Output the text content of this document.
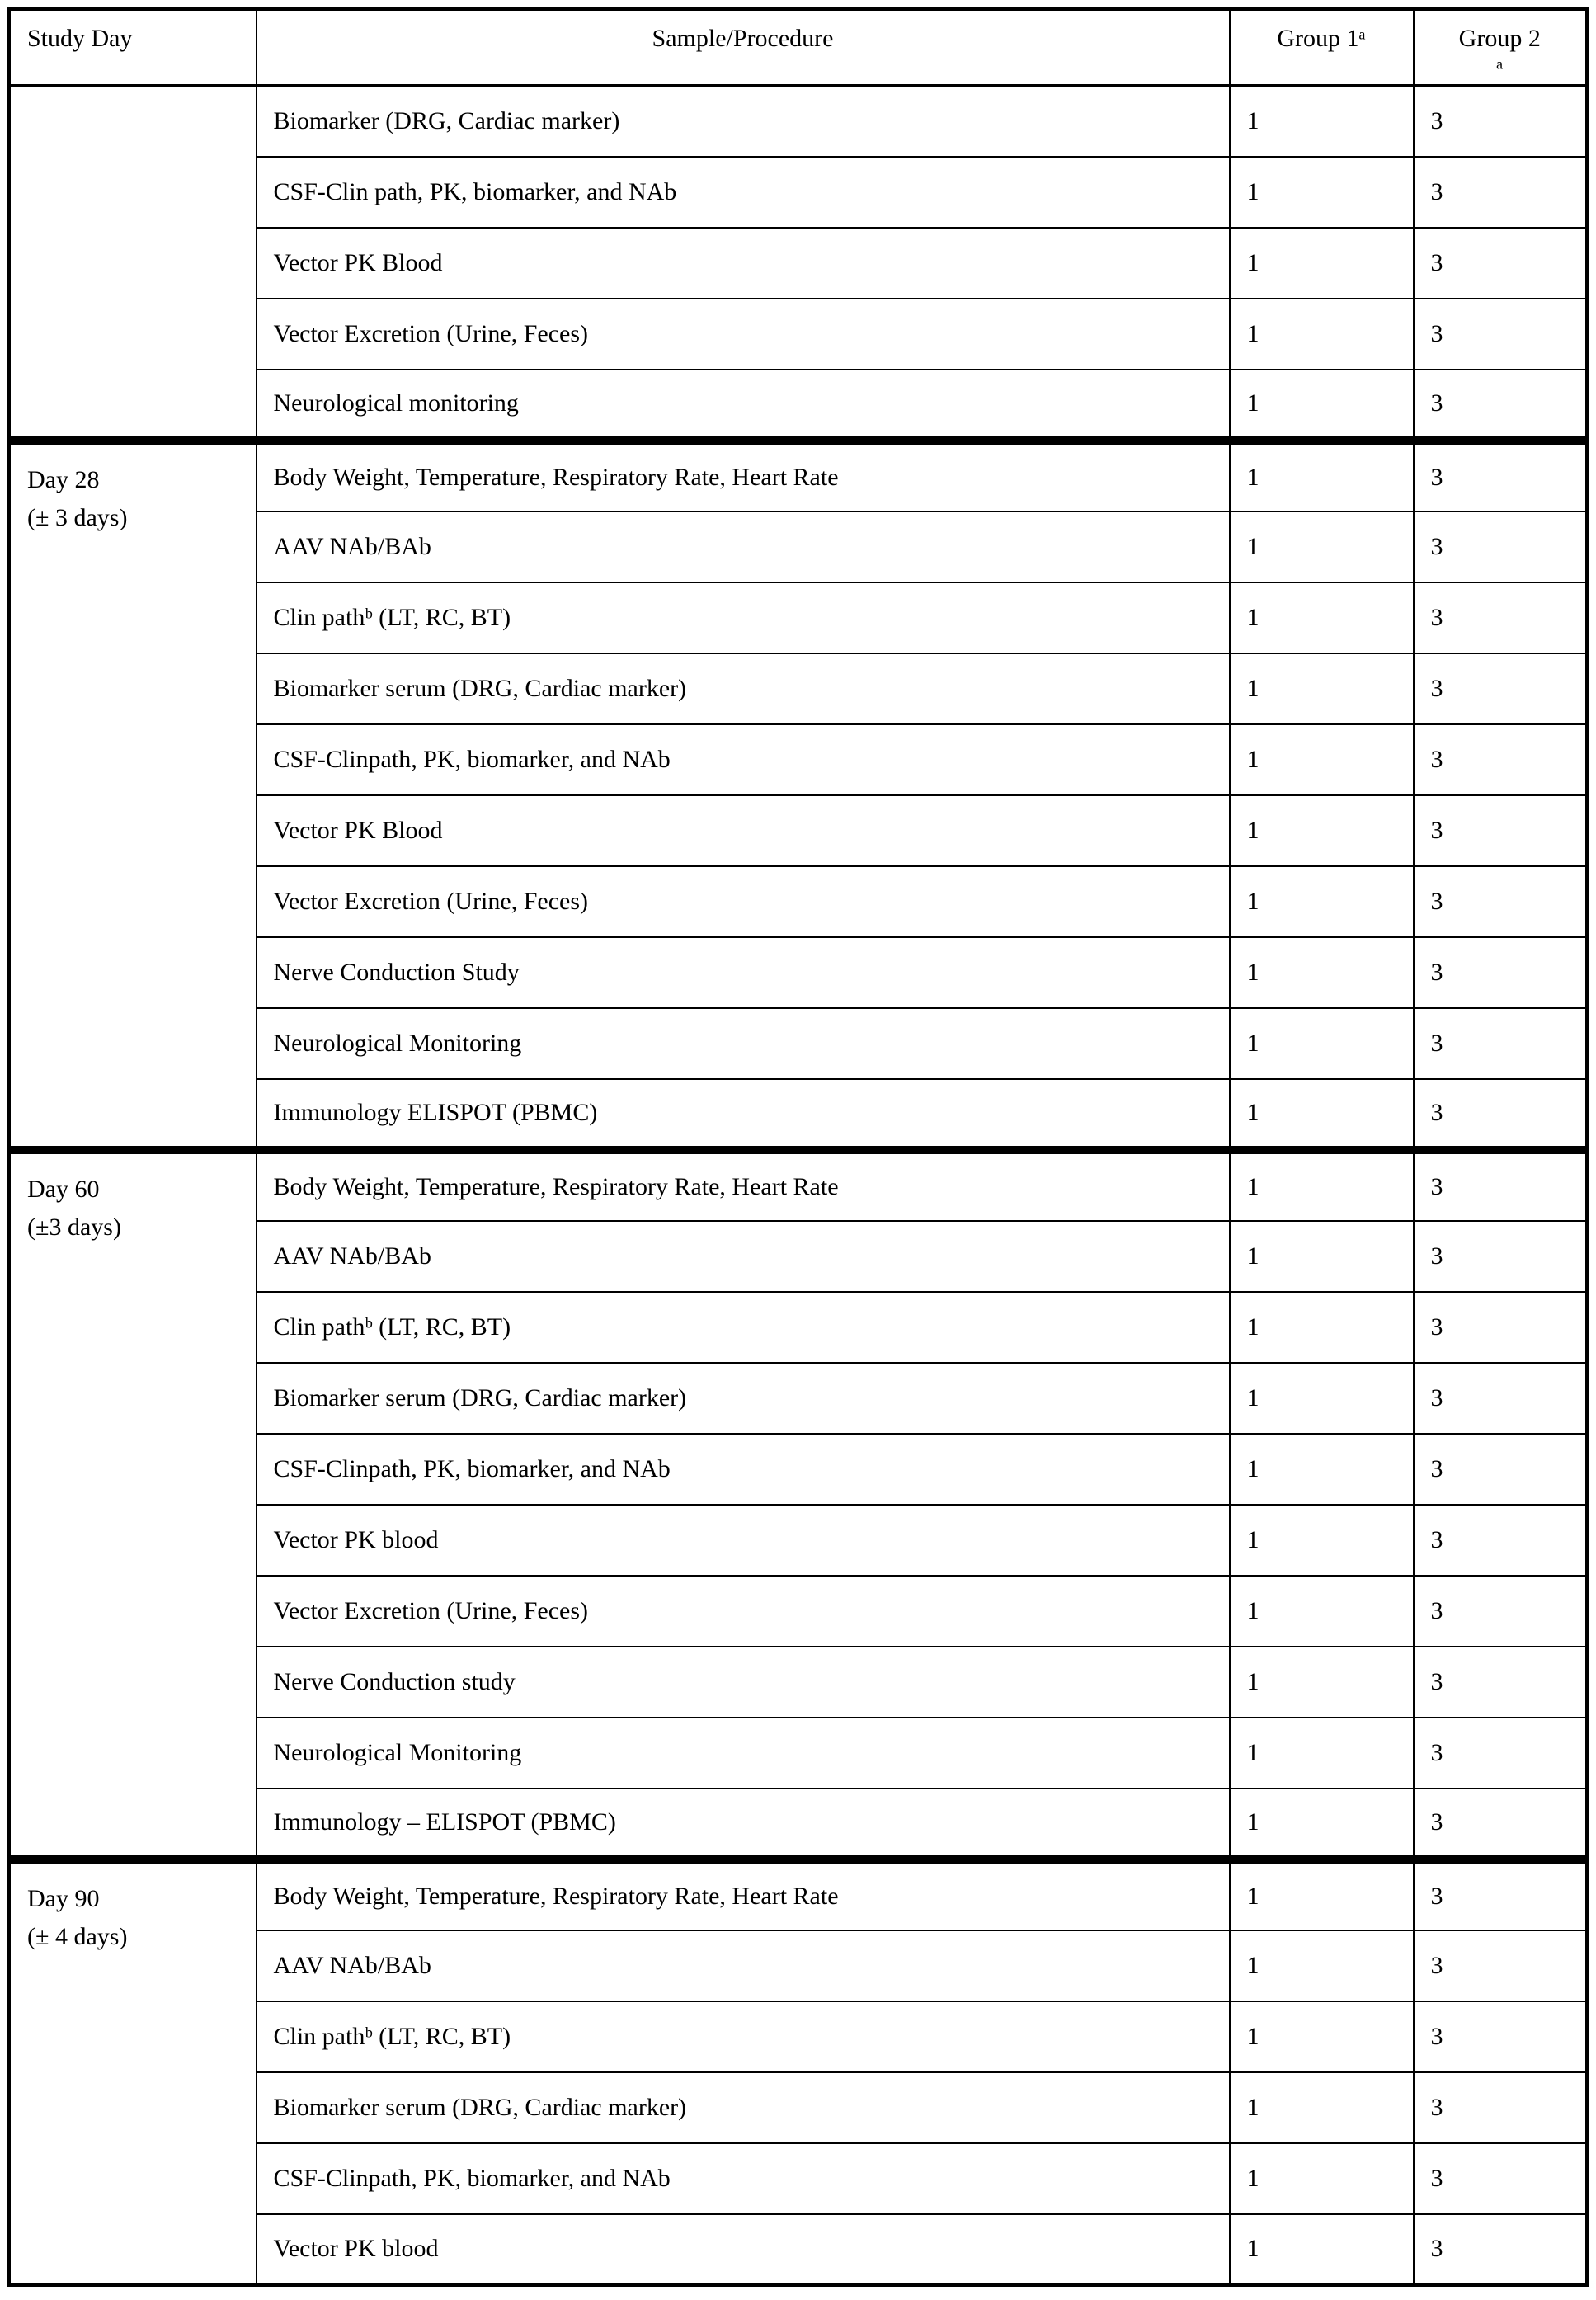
Study Day	Sample/Procedure	Group 1ᵃ	Group 2
ᵃ
	Biomarker (DRG, Cardiac marker)	1	3
	CSF-Clin path, PK, biomarker, and NAb	1	3
	Vector PK Blood	1	3
	Vector Excretion (Urine, Feces)	1	3
	Neurological monitoring	1	3
Day 28
(± 3 days)	Body Weight, Temperature, Respiratory Rate, Heart Rate	1	3
	AAV NAb/BAb	1	3
	Clin pathᵇ (LT, RC, BT)	1	3
	Biomarker serum (DRG, Cardiac marker)	1	3
	CSF-Clinpath, PK, biomarker, and NAb	1	3
	Vector PK Blood	1	3
	Vector Excretion (Urine, Feces)	1	3
	Nerve Conduction Study	1	3
	Neurological Monitoring	1	3
	Immunology ELISPOT (PBMC)	1	3
Day 60
(±3 days)	Body Weight, Temperature, Respiratory Rate, Heart Rate	1	3
	AAV NAb/BAb	1	3
	Clin pathᵇ (LT, RC, BT)	1	3
	Biomarker serum (DRG, Cardiac marker)	1	3
	CSF-Clinpath, PK, biomarker, and NAb	1	3
	Vector PK blood	1	3
	Vector Excretion (Urine, Feces)	1	3
	Nerve Conduction study	1	3
	Neurological Monitoring	1	3
	Immunology – ELISPOT (PBMC)	1	3
Day 90
(± 4 days)	Body Weight, Temperature, Respiratory Rate, Heart Rate	1	3
	AAV NAb/BAb	1	3
	Clin pathᵇ (LT, RC, BT)	1	3
	Biomarker serum (DRG, Cardiac marker)	1	3
	CSF-Clinpath, PK, biomarker, and NAb	1	3
	Vector PK blood	1	3
